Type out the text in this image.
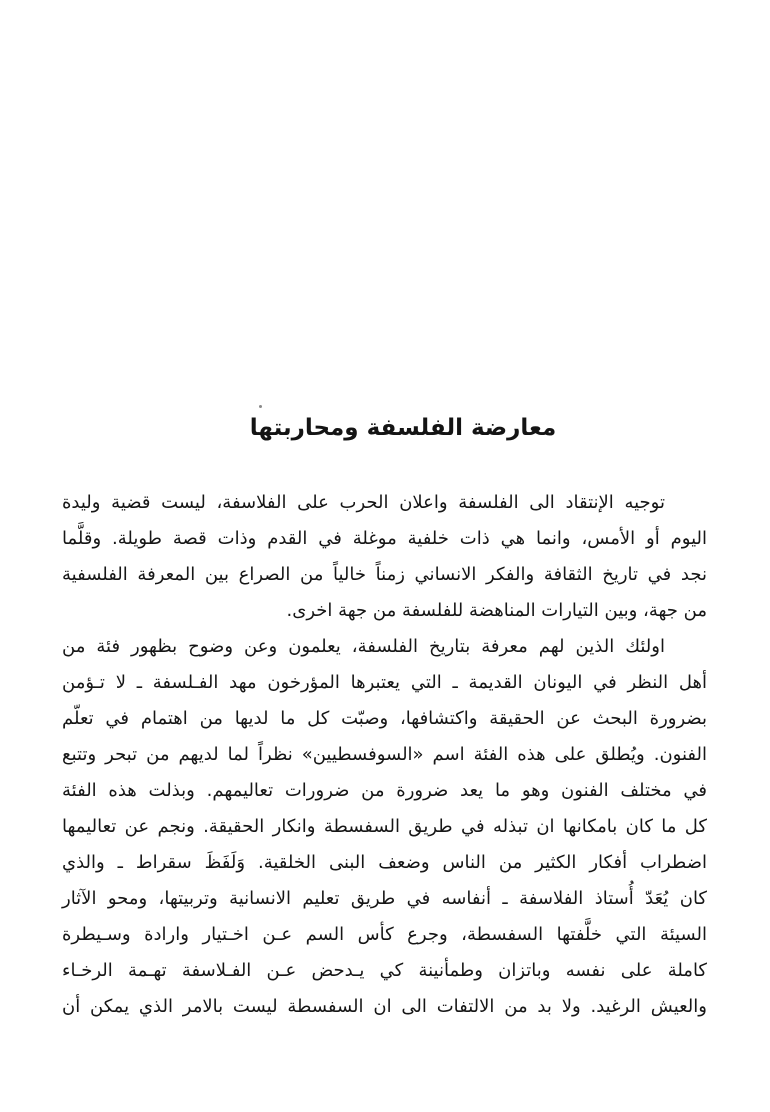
معارضة الفلسفة ومحاربتها
توجيه الإنتقاد الى الفلسفة واعلان الحرب على الفلاسفة، ليست قضية وليدة
اليوم أو الأمس، وانما هي ذات خلفية موغلة في القدم وذات قصة طويلة. وقلَّما
نجد في تاريخ الثقافة والفكر الانساني زمناً خالياً من الصراع بين المعرفة الفلسفية
من جهة، وبين التيارات المناهضة للفلسفة من جهة اخرى.
اولئك الذين لهم معرفة بتاريخ الفلسفة، يعلمون وعن وضوح بظهور فئة من
أهل النظر في اليونان القديمة ـ التي يعتبرها المؤرخون مهد الفـلسفة ـ لا تـؤمن
بضرورة البحث عن الحقيقة واكتشافها، وصبّت كل ما لديها من اهتمام في تعلّم
الفنون. ويُطلق على هذه الفئة اسم «السوفسطيين» نظراً لما لديهم من تبحر وتتبع
في مختلف الفنون وهو ما يعد ضرورة من ضرورات تعاليمهم. وبذلت هذه الفئة
كل ما كان بامكانها ان تبذله في طريق السفسطة وانكار الحقيقة. ونجم عن تعاليمها
اضطراب أفكار الكثير من الناس وضعف البنى الخلقية. وَلَفَظَ سقراط ـ والذي
كان يُعَدّ أُستاذ الفلاسفة ـ أنفاسه في طريق تعليم الانسانية وتربيتها، ومحو الآثار
السيئة التي خلَّفتها السفسطة، وجرع كأس السم عـن اخـتيار وارادة وسـيطرة
كاملة على نفسه وباتزان وطمأنينة كي يـدحض عـن الفـلاسفة تهـمة الرخـاء
والعيش الرغيد. ولا بد من الالتفات الى ان السفسطة ليست بالامر الذي يمكن أن
